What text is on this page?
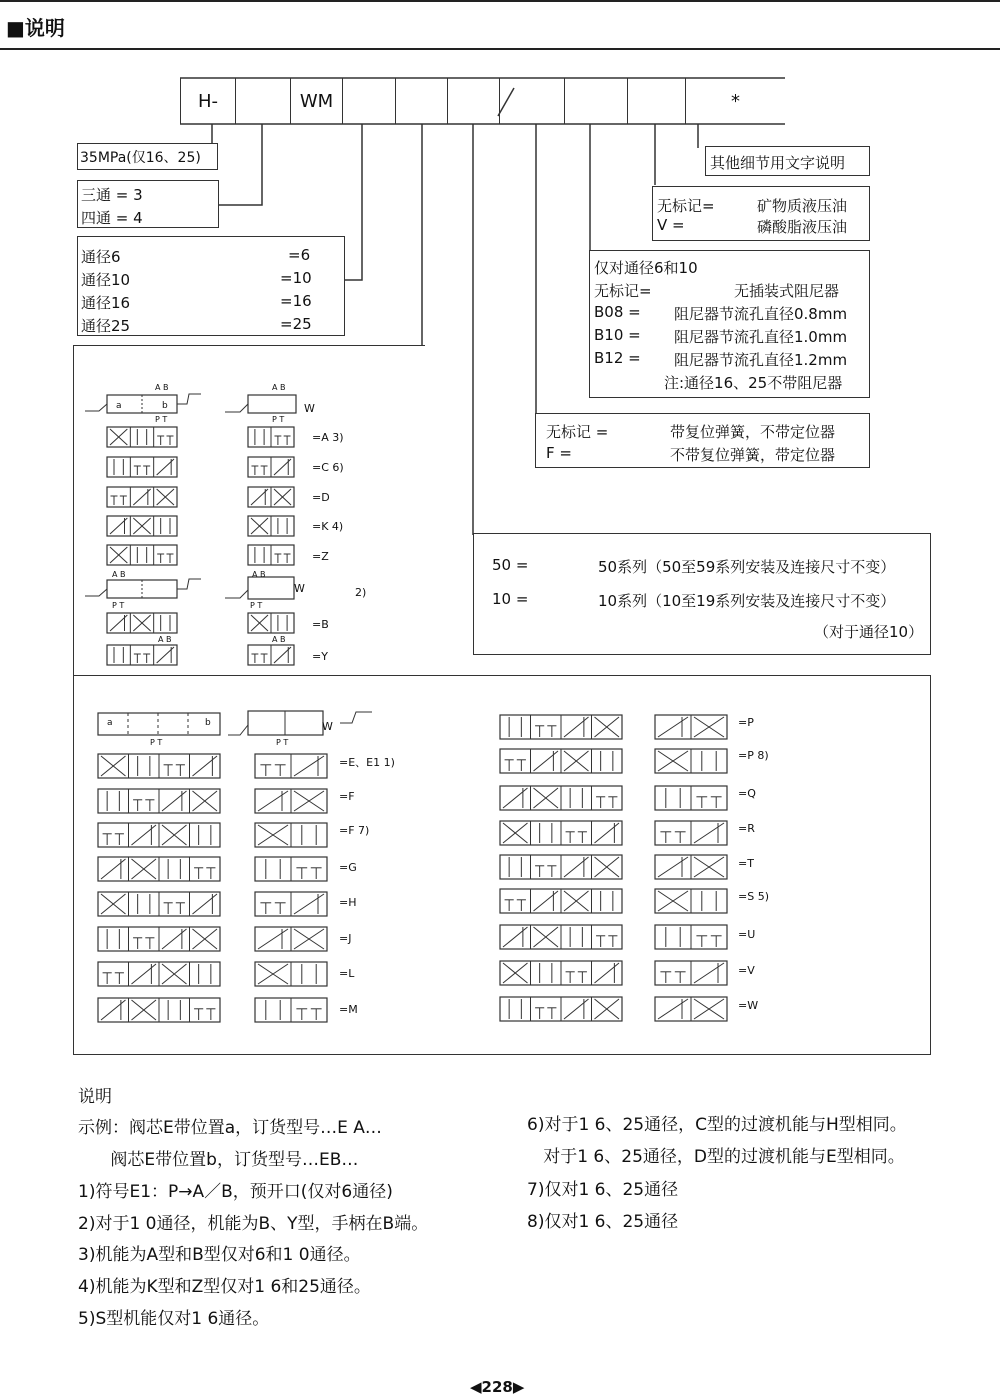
■说明
H-	WM	*
35MPa(仅16、25)
三通 = 3
四通 = 4
通径6	=6
通径10	=10
通径16	=16
通径25	=25
其他细节用文字说明
无标记=	矿物质液压油
V =	磷酸脂液压油
仅对通径6和10
无标记=	无插装式阻尼器
B08 = 阻尼器节流孔直径0.8mm
B10 = 阻尼器节流孔直径1.0mm
B12 = 阻尼器节流孔直径1.2mm
注:通径16、25不带阻尼器
无标记 =	带复位弹簧，不带定位器
F =	不带复位弹簧，带定位器
50 =	50系列（50至59系列安装及连接尺寸不变）
10 =	10系列（10至19系列安装及连接尺寸不变）
（对于通径10）
=A 3)
=C 6)
=D
=K 4)
=Z
2)
=B
=Y
A B
P T
A B
P T
A B
P T
A B
P T
A B	A B
P T	P T
a	b	W
W
W
a	b
=E、E1 1)
=F
=F 7)
=G
=H
=J
=L
=M
=P
=P 8)
=Q
=R
=T
=S 5)
=U
=V
=W
说明
示例：阀芯E带位置a，订货型号…E A…
阀芯E带位置b，订货型号…EB…
1)符号E1：P→A／B，预开口(仅对6通径)
2)对于1 0通径，机能为B、Y型，手柄在B端。
3)机能为A型和B型仅对6和1 0通径。
4)机能为K型和Z型仅对1 6和25通径。
5)S型机能仅对1 6通径。
6)对于1 6、25通径，C型的过渡机能与H型相同。
对于1 6、25通径，D型的过渡机能与E型相同。
7)仅对1 6、25通径
8)仅对1 6、25通径
◀228▶
